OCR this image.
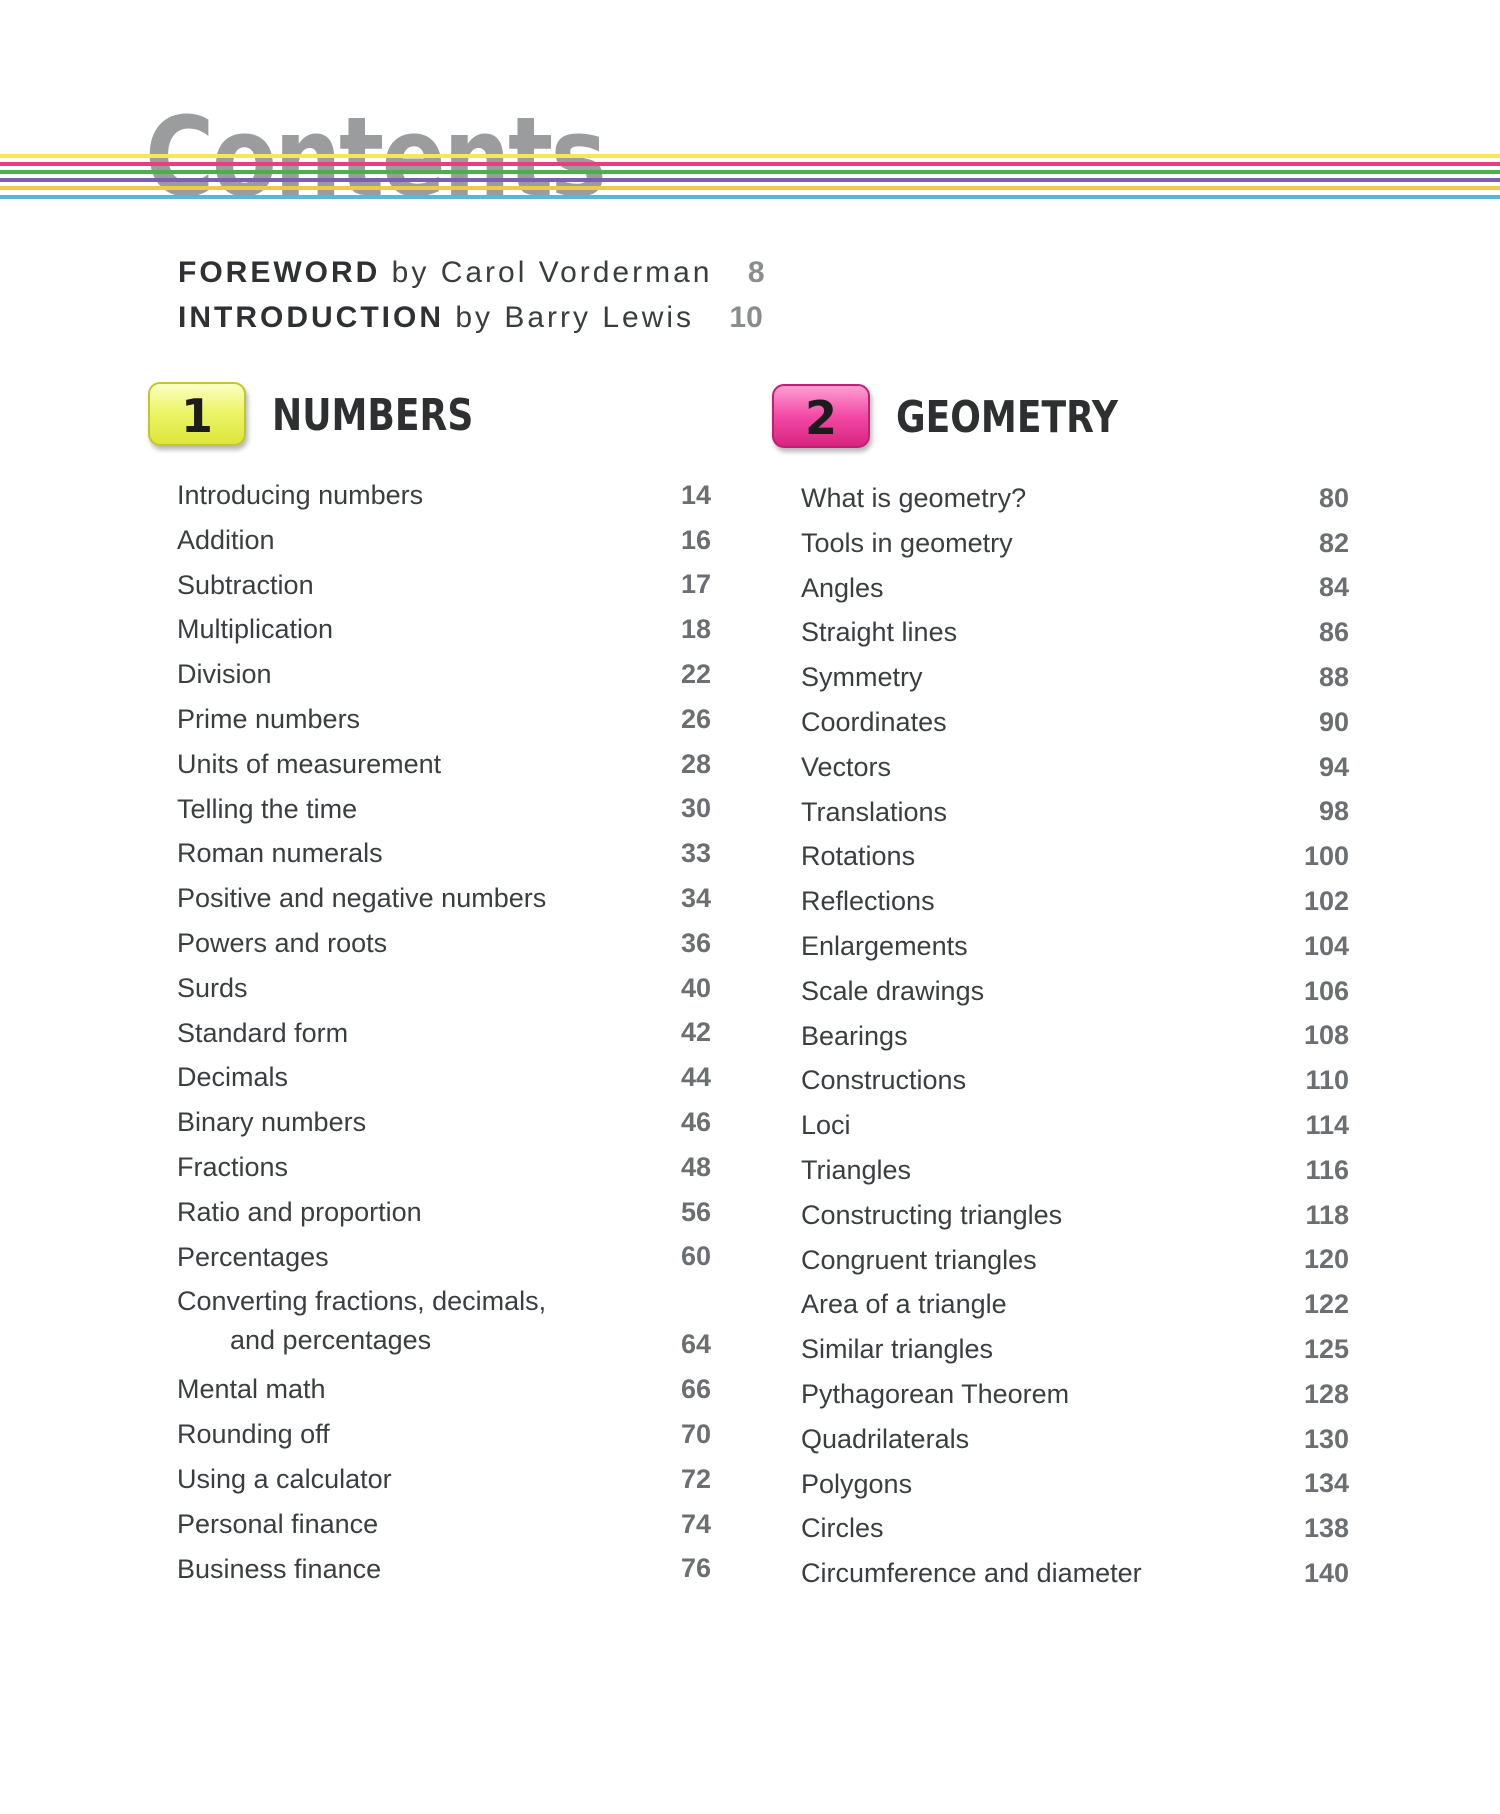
FOREWORD by Carol Vorderman 8
INTRODUCTION by Barry Lewis 10
1	NUMBERS	2	GEOMETRY
Introducing numbers	14
Addition	16
Subtraction	17
Multiplication	18
Division	22
Prime numbers	26
Units of measurement	28
Telling the time	30
Roman numerals	33
Positive and negative numbers	34
Powers and roots	36
Surds	40
Standard form	42
Decimals	44
Binary numbers	46
Fractions	48
Ratio and proportion	56
Percentages	60
Converting fractions, decimals,
and percentages	64
Mental math	66
Rounding off	70
Using a calculator	72
Personal finance	74
Business finance	76
What is geometry?	80
Tools in geometry	82
Angles	84
Straight lines	86
Symmetry	88
Coordinates	90
Vectors	94
Translations	98
Rotations	100
Reflections	102
Enlargements	104
Scale drawings	106
Bearings	108
Constructions	110
Loci	114
Triangles	116
Constructing triangles	118
Congruent triangles	120
Area of a triangle	122
Similar triangles	125
Pythagorean Theorem	128
Quadrilaterals	130
Polygons	134
Circles	138
Circumference and diameter	140
